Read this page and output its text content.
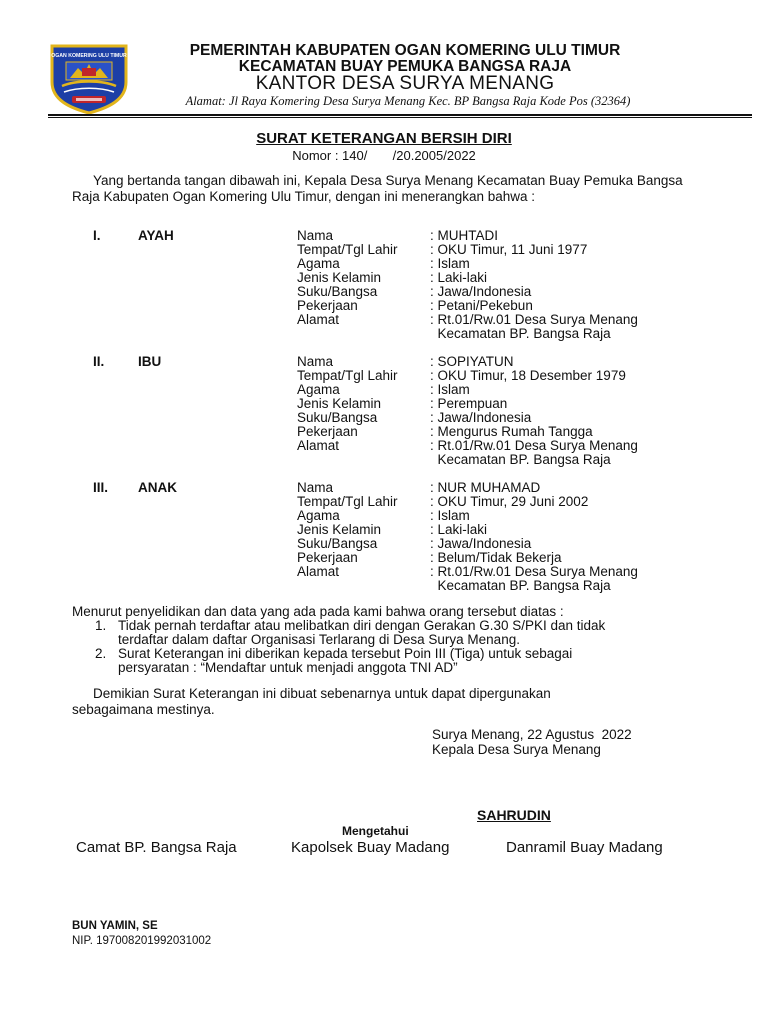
OGAN KOMERING ULU TIMUR	PEMERINTAH KABUPATEN OGAN KOMERING ULU TIMUR
KECAMATAN BUAY PEMUKA BANGSA RAJA
KANTOR DESA SURYA MENANG
Alamat: Jl Raya Komering Desa Surya Menang Kec. BP Bangsa Raja Kode Pos (32364)
SURAT KETERANGAN BERSIH DIRI
Nomor : 140/       /20.2005/2022
Yang bertanda tangan dibawah ini, Kepala Desa Surya Menang Kecamatan Buay Pemuka Bangsa Raja Kabupaten Ogan Komering Ulu Timur, dengan ini menerangkan bahwa :
I.	AYAH	Nama	: MUHTADI
Tempat/Tgl Lahir : OKU Timur, 11 Juni 1977
Agama	: Islam
Jenis Kelamin	: Laki-laki
Suku/Bangsa	: Jawa/Indonesia
Pekerjaan	: Petani/Pekebun
Alamat	: Rt.01/Rw.01 Desa Surya Menang
Kecamatan BP. Bangsa Raja
II. IBU	Nama	: SOPIYATUN
Tempat/Tgl Lahir : OKU Timur, 18 Desember 1979
Agama	: Islam
Jenis Kelamin	: Perempuan
Suku/Bangsa	: Jawa/Indonesia
Pekerjaan	: Mengurus Rumah Tangga
Alamat	: Rt.01/Rw.01 Desa Surya Menang
Kecamatan BP. Bangsa Raja
III. ANAK	Nama	: NUR MUHAMAD
Tempat/Tgl Lahir : OKU Timur, 29 Juni 2002
Agama	: Islam
Jenis Kelamin	: Laki-laki
Suku/Bangsa	: Jawa/Indonesia
Pekerjaan	: Belum/Tidak Bekerja
Alamat	: Rt.01/Rw.01 Desa Surya Menang
Kecamatan BP. Bangsa Raja
Menurut penyelidikan dan data yang ada pada kami bahwa orang tersebut diatas :
1. Tidak pernah terdaftar atau melibatkan diri dengan Gerakan G.30 S/PKI dan tidak
terdaftar dalam daftar Organisasi Terlarang di Desa Surya Menang.
2. Surat Keterangan ini diberikan kepada tersebut Poin III (Tiga) untuk sebagai
persyaratan : “Mendaftar untuk menjadi anggota TNI AD”
Demikian Surat Keterangan ini dibuat sebenarnya untuk dapat dipergunakan sebagaimana mestinya.
Surya Menang, 22 Agustus  2022
Kepala Desa Surya Menang
SAHRUDIN
Mengetahui
Camat BP. Bangsa Raja	Kapolsek Buay Madang	Danramil Buay Madang
BUN YAMIN, SE
NIP. 197008201992031002
